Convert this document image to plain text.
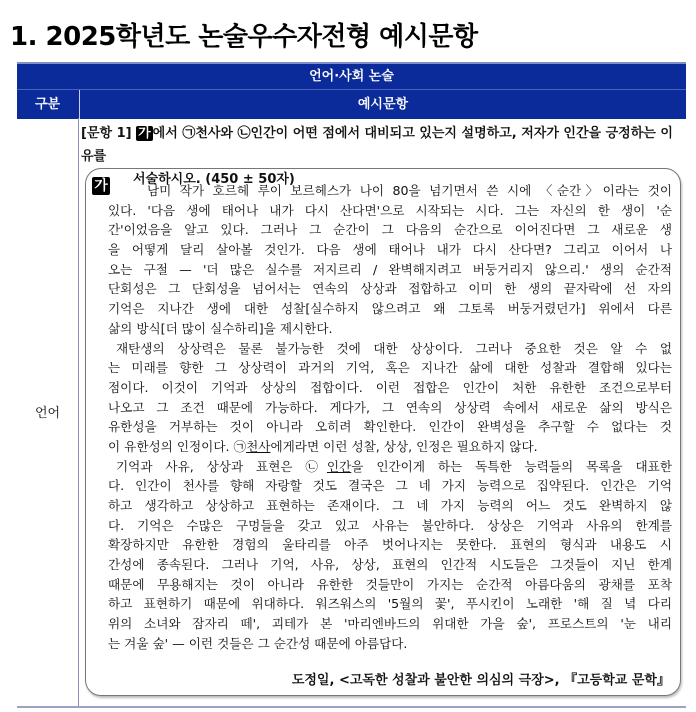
1. 2025학년도 논술우수자전형 예시문항
언어·사회 논술
구분	예시문항
언어
[문항 1] 가 에서 ㉠천사와 ㉡인간이 어떤 점에서 대비되고 있는지 설명하고, 저자가 인간을 긍정하는 이유를
서술하시오. (450 ± 50자)
가	남미 작가 호르헤 루이 보르헤스가 나이 80을 넘기면서 쓴 시에 〈순간〉이라는 것이
있다. '다음 생에 태어나 내가 다시 산다면'으로 시작되는 시다. 그는 자신의 한 생이 '순
간'이었음을 알고 있다. 그러나 그 순간이 그 다음의 순간으로 이어진다면 그 새로운 생
을 어떻게 달리 살아볼 것인가. 다음 생에 태어나 내가 다시 산다면? 그리고 이어서 나
오는 구절 — '더 많은 실수를 저지르리 / 완벽해지려고 버둥거리지 않으리.' 생의 순간적
단회성은 그 단회성을 넘어서는 연속의 상상과 접합하고 이미 한 생의 끝자락에 선 자의
기억은 지나간 생에 대한 성찰[실수하지 않으려고 왜 그토록 버둥거렸던가] 위에서 다른
삶의 방식[더 많이 실수하리]을 제시한다.
재탄생의 상상력은 물론 불가능한 것에 대한 상상이다. 그러나 중요한 것은 알 수 없
는 미래를 향한 그 상상력이 과거의 기억, 혹은 지나간 삶에 대한 성찰과 결합해 있다는
점이다. 이것이 기억과 상상의 접합이다. 이런 접합은 인간이 처한 유한한 조건으로부터
나오고 그 조건 때문에 가능하다. 게다가, 그 연속의 상상력 속에서 새로운 삶의 방식은
유한성을 거부하는 것이 아니라 오히려 확인한다. 인간이 완벽성을 추구할 수 없다는 것
이 유한성의 인정이다. ㉠천사에게라면 이런 성찰, 상상, 인정은 필요하지 않다.
기억과 사유, 상상과 표현은 ㉡인간을 인간이게 하는 독특한 능력들의 목록을 대표한
다. 인간이 천사를 향해 자랑할 것도 결국은 그 네 가지 능력으로 집약된다. 인간은 기억
하고 생각하고 상상하고 표현하는 존재이다. 그 네 가지 능력의 어느 것도 완벽하지 않
다. 기억은 수많은 구멍들을 갖고 있고 사유는 불안하다. 상상은 기억과 사유의 한계를
확장하지만 유한한 경험의 울타리를 아주 벗어나지는 못한다. 표현의 형식과 내용도 시
간성에 종속된다. 그러나 기억, 사유, 상상, 표현의 인간적 시도들은 그것들이 지닌 한계
때문에 무용해지는 것이 아니라 유한한 것들만이 가지는 순간적 아름다움의 광채를 포착
하고 표현하기 때문에 위대하다. 워즈워스의 '5월의 꽃', 푸시킨이 노래한 '해 질 녘 다리
위의 소녀와 잠자리 떼', 괴테가 본 '마리엔바드의 위대한 가을 숲', 프로스트의 '눈 내리
는 겨울 숲' — 이런 것들은 그 순간성 때문에 아름답다.
도정일, <고독한 성찰과 불안한 의심의 극장>, 『고등학교 문학』
